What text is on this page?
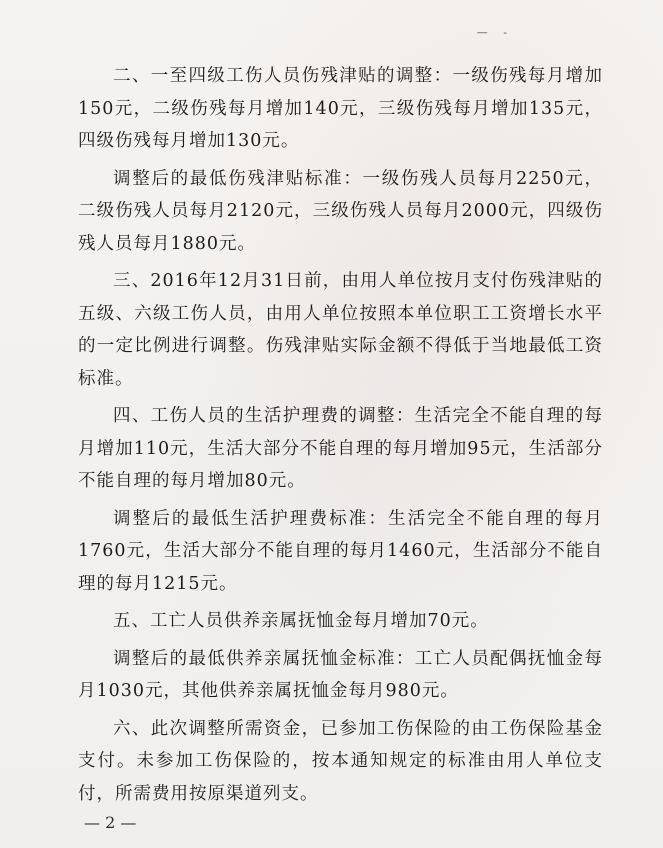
— -

二、一至四级工伤人员伤残津贴的调整：一级伤残每月增加150元，二级伤残每月增加140元，三级伤残每月增加135元，四级伤残每月增加130元。

调整后的最低伤残津贴标准：一级伤残人员每月2250元，二级伤残人员每月2120元，三级伤残人员每月2000元，四级伤残人员每月1880元。

三、2016年12月31日前，由用人单位按月支付伤残津贴的五级、六级工伤人员，由用人单位按照本单位职工工资增长水平的一定比例进行调整。伤残津贴实际金额不得低于当地最低工资标准。

四、工伤人员的生活护理费的调整：生活完全不能自理的每月增加110元，生活大部分不能自理的每月增加95元，生活部分不能自理的每月增加80元。

调整后的最低生活护理费标准：生活完全不能自理的每月1760元，生活大部分不能自理的每月1460元，生活部分不能自理的每月1215元。

五、工亡人员供养亲属抚恤金每月增加70元。

调整后的最低供养亲属抚恤金标准：工亡人员配偶抚恤金每月1030元，其他供养亲属抚恤金每月980元。

六、此次调整所需资金，已参加工伤保险的由工伤保险基金支付。未参加工伤保险的，按本通知规定的标准由用人单位支付，所需费用按原渠道列支。

— 2 —
